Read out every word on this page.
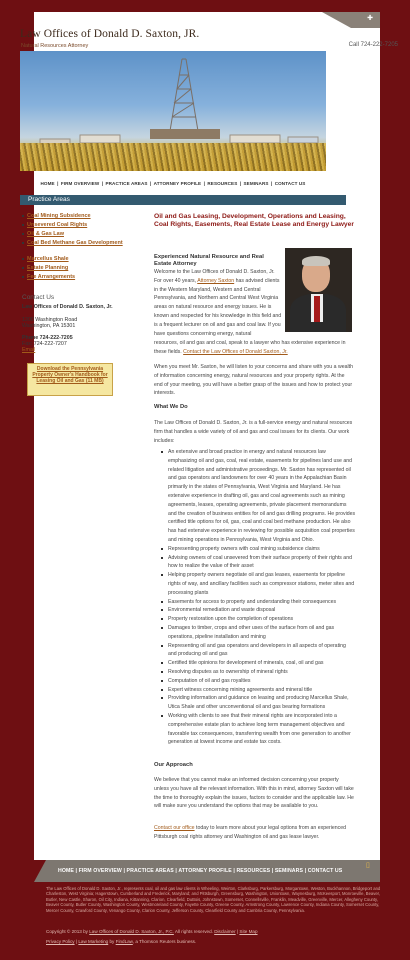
✚
Law Offices of Donald D. Saxton, JR.
Natural Resources Attorney	Call 724-222-7205
HOME | FIRM OVERVIEW | PRACTICE AREAS | ATTORNEY PROFILE | RESOURCES | SEMINARS | CONTACT US
Practice Areas
Coal Mining Subsidence
Unsevered Coal Rights
Oil & Gas Law
Coal Bed Methane Gas Development
Marcellus Shale
Estate Planning
Fee Arrangements
Contact Us
Law Offices of Donald D. Saxton, Jr.
1200 Washington Road
Washington, PA 15301
Phone 724-222-7205
Fax: 724-222-7207
Email
Download the Pennsylvania Property Owner's Handbook for Leasing Oil and Gas (11 MB)
Oil and Gas Leasing, Development, Operations and Leasing, Coal Rights, Easements, Real Estate Lease and Energy Lawyer
Experienced Natural Resource and Real Estate Attorney
Welcome to the Law Offices of Donald D. Saxton, Jr. For over 40 years, Attorney Saxton has advised clients in the Western Maryland, Western and Central Pennsylvania, and Northern and Central West Virginia areas on natural resource and energy issues. He is known and respected for his knowledge in this field and is a frequent lecturer on oil and gas and coal law. If you have questions concerning energy, natural
resources, oil and gas and coal, speak to a lawyer who has extensive experience in these fields. Contact the Law Offices of Donald Saxton, Jr.
When you meet Mr. Saxton, he will listen to your concerns and share with you a wealth of information concerning energy, natural resources and your property rights. At the end of your meeting, you will have a better grasp of the issues and how to protect your interests.
What We Do
The Law Offices of Donald D. Saxton, Jr. is a full-service energy and natural resources firm that handles a wide variety of oil and gas and coal issues for its clients. Our work includes:
An extensive and broad practice in energy and natural resources law emphasizing oil and gas, coal, real estate, easements for pipelines land use and related litigation and administrative proceedings. Mr. Saxton has represented oil and gas operators and landowners for over 40 years in the Appalachian Basin primarily in the states of Pennsylvania, West Virginia and Maryland. He has extensive experience in drafting oil, gas and coal agreements such as mining agreements, leases, operating agreements, private placement memorandums and the creation of business entities for oil and gas drilling programs. He provides certified title options for oil, gas, coal and coal bed methane production. He also has had extensive experience in reviewing for possible acquisition coal properties and mining operations in Pennsylvania, West Virginia and Ohio.
Representing property owners with coal mining subsidence claims
Advising owners of coal unsevered from their surface property of their rights and how to realize the value of their asset
Helping property owners negotiate oil and gas leases, easements for pipeline rights of way, and ancillary facilities such as compressor stations, meter sites and processing plants
Easements for access to property and understanding their consequences
Environmental remediation and waste disposal
Property restoration upon the completion of operations
Damages to timber, crops and other uses of the surface from oil and gas operations, pipeline installation and mining
Representing oil and gas operators and developers in all aspects of operating and producing oil and gas
Certified title opinions for development of minerals, coal, oil and gas
Resolving disputes as to ownership of mineral rights
Computation of oil and gas royalties
Expert witness concerning mining agreements and mineral title
Providing information and guidance on leasing and producing Marcellus Shale, Utica Shale and other unconventional oil and gas bearing formations
Working with clients to see that their mineral rights are incorporated into a comprehensive estate plan to achieve long term management objectives and favorable tax consequences, transferring wealth from one generation to another generation at lowest income and estate tax costs.
Our Approach
We believe that you cannot make an informed decision concerning your property unless you have all the relevant information. With this in mind, attorney Saxton will take the time to thoroughly explain the issues, factors to consider and the applicable law. He will make sure you understand the options that may be available to you.
Contact our office today to learn more about your legal options from an experienced Pittsburgh coal rights attorney and Washington oil and gas lease lawyer.
HOME | FIRM OVERVIEW | PRACTICE AREAS | ATTORNEY PROFILE | RESOURCES | SEMINARS | CONTACT US
▯
The Law Offices of Donald D. Saxton, Jr., represents coal, oil and gas law clients in Wheeling, Weirton, Clarksburg, Parkersburg, Morgantown, Weston, Buckhannon, Bridgeport and Charleston, West Virginia; Hagerstown, Cumberland and Frederick, Maryland; and Pittsburgh, Greensburg, Washington, Uniontown, Waynesburg, McKeesport, Monroeville, Beaver, Butler, New Castle, Sharon, Oil City, Indiana, Kittanning, Clarion, Clearfield, DuBois, Johnstown, Somerset, Connellsville, Franklin, Meadville, Greenville, Mercer, Allegheny County, Beaver County, Butler County, Washington County, Westmoreland County, Fayette County, Greene County, Armstrong County, Lawrence County, Indiana County, Somerset County, Mercer County, Crawford County, Venango County, Clarion County, Jefferson County, Clearfield County and Cambria County, Pennsylvania.
Copyright © 2013 by Law Offices of Donald D. Saxton, Jr., P.C. All rights reserved. Disclaimer | Site Map
Privacy Policy | Law Marketing by FindLaw, a Thomson Reuters business.
